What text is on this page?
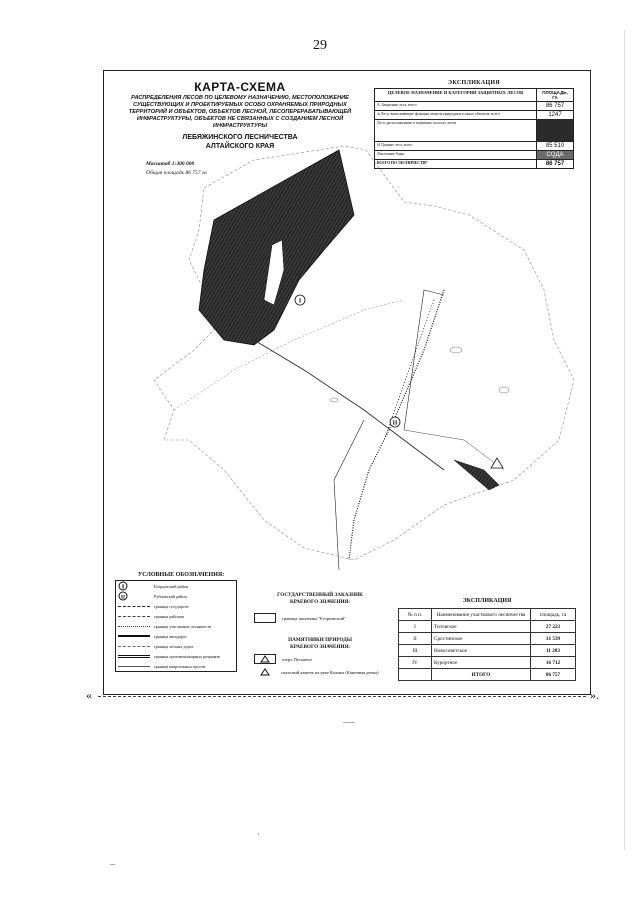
29
КАРТА-СХЕМА
РАСПРЕДЕЛЕНИЯ ЛЕСОВ ПО ЦЕЛЕВОМУ НАЗНАЧЕНИЮ, МЕСТОПОЛОЖЕНИЕ СУЩЕСТВУЮЩИХ И ПРОЕКТИРУЕМЫХ ОСОБО ОХРАНЯЕМЫХ ПРИРОДНЫХ ТЕРРИТОРИЙ И ОБЪЕКТОВ, ОБЪЕКТОВ ЛЕСНОЙ, ЛЕСОПЕРЕРАБАТЫВАЮЩЕЙ ИНФРАСТРУКТУРЫ, ОБЪЕКТОВ НЕ СВЯЗАННЫХ С СОЗДАНИЕМ ЛЕСНОЙ ИНФРАСТРУКТУРЫ
ЛЕБЯЖИНСКОГО ЛЕСНИЧЕСТВА
АЛТАЙСКОГО КРАЯ
Масштаб 1:300 000
Общая площадь 86 757 га
ЭКСПЛИКАЦИЯ
ЦЕЛЕВОЕ НАЗНАЧЕНИЕ И КАТЕГОРИИ ЗАЩИТНЫХ ЛЕСОВ	ПЛОЩАДЬ, ГА
А. Защитные леса, всего	86 757
а) Леса, выполняющие функции защиты природных и иных объектов, всего	1247
Леса, расположенные в защитных полосах лесов	
б) Ценные леса, всего	85 510
Ленточные боры	CQДА
ВСЕГО ПО ЛЕСНИЧЕСТВУ	86 757
I
II
УСЛОВНЫЕ ОБОЗНАЧЕНИЯ:
I	Егорьевский район
II	Рубцовский район
граница государств
граница районов
граница участковых лесничеств
граница автодорог
граница лесных дорог
граница противопожарных разрывов
граница квартальных просек
ГОСУДАРСТВЕННЫЙ ЗАКАЗНИК
КРАЕВОГО ЗНАЧЕНИЯ:
граница заказника "Егорьевский"
ПАМЯТНИКИ ПРИРОДЫ
КРАЕВОГО ЗНАЧЕНИЯ:
озеро Песьяное
скальный камень на реке Калмка (Каменная речка)
ЭКСПЛИКАЦИЯ
№ п.п.	Наименование участкового лесничества	площадь, га
I	Титовское	27 223
II	Сростинское	31 539
III	Новосоветское	11 283
IV	Курортное	16 712
	ИТОГО	86 757
«	».
